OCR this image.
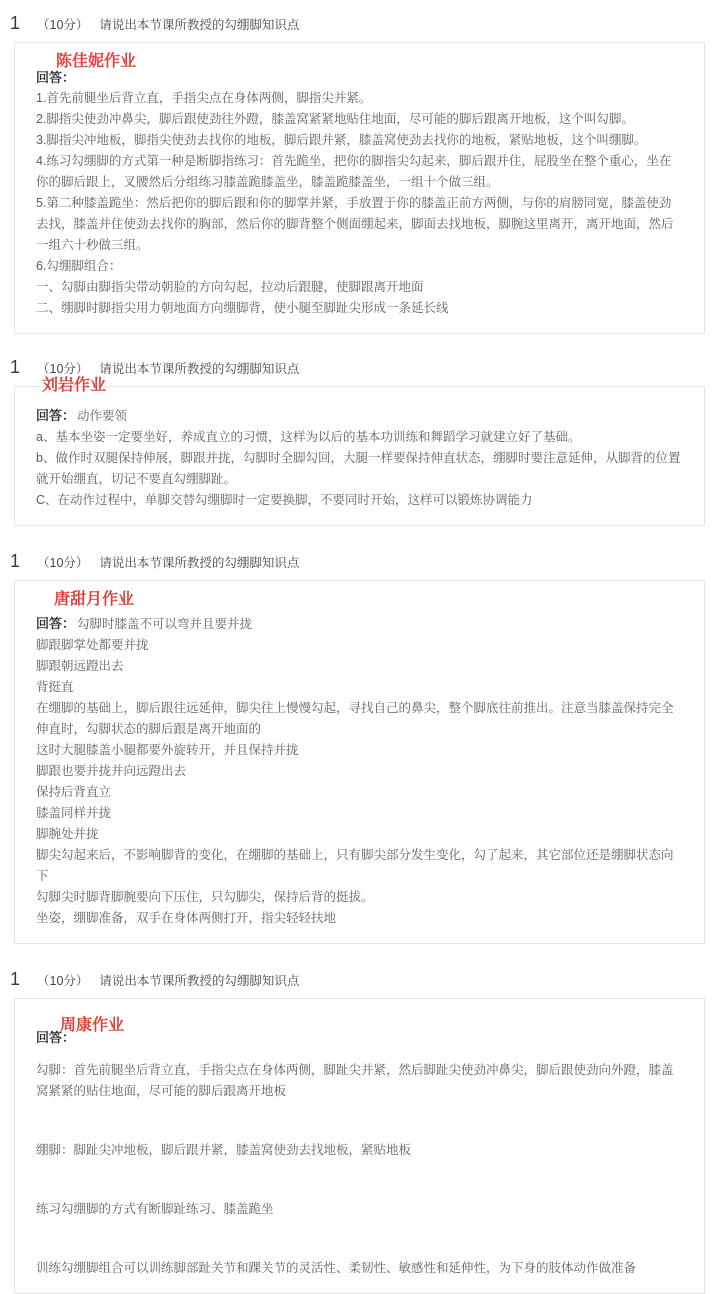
1 （10分） 请说出本节课所教授的勾绷脚知识点
陈佳妮作业
回答：
1.首先前腿坐后背立直，手指尖点在身体两侧，脚指尖并紧。
2.脚指尖使劲冲鼻尖，脚后跟使劲往外蹬，膝盖窝紧紧地贴住地面，尽可能的脚后跟离开地板，这个叫勾脚。
3.脚指尖冲地板，脚指尖使劲去找你的地板，脚后跟并紧，膝盖窝使劲去找你的地板，紧贴地板，这个叫绷脚。
4.练习勾绷脚的方式第一种是断脚指练习：首先跪坐，把你的脚指尖勾起来，脚后跟并住，屁股坐在整个重心，坐在你的脚后跟上，叉腰然后分组练习膝盖跪膝盖坐，膝盖跪膝盖坐，一组十个做三组。
5.第二种膝盖跪坐：然后把你的脚后跟和你的脚掌并紧，手放置于你的膝盖正前方两侧，与你的肩膀同宽，膝盖使劲去找，膝盖并住使劲去找你的胸部，然后你的脚背整个侧面绷起来，脚面去找地板，脚腕这里离开，离开地面，然后一组六十秒做三组。
6.勾绷脚组合：
一、勾脚由脚指尖带动朝脸的方向勾起，拉动后跟腱，使脚跟离开地面
二、绷脚时脚指尖用力朝地面方向绷脚背，使小腿至脚趾尖形成一条延长线
1 （10分） 请说出本节课所教授的勾绷脚知识点
刘岩作业
回答： 动作要领
a、基本坐姿一定要坐好，养成直立的习惯，这样为以后的基本功训练和舞蹈学习就建立好了基础。
b、做作时双腿保持伸展，脚跟并拢，勾脚时全脚勾回，大腿一样要保持伸直状态，绷脚时要注意延伸，从脚背的位置就开始绷直，切记不要直勾绷脚趾。
C、在动作过程中，单脚交替勾绷脚时一定要换脚，不要同时开始，这样可以锻炼协调能力
1 （10分） 请说出本节课所教授的勾绷脚知识点
唐甜月作业
回答： 勾脚时膝盖不可以弯并且要并拢
脚跟脚掌处都要并拢
脚跟朝远蹬出去
背挺直
在绷脚的基础上，脚后跟往远延伸，脚尖往上慢慢勾起，寻找自己的鼻尖，整个脚底往前推出。注意当膝盖保持完全伸直时，勾脚状态的脚后跟是离开地面的
这时大腿膝盖小腿都要外旋转开，并且保持并拢
脚跟也要并拢并向远蹬出去
保持后背直立
膝盖同样并拢
脚腕处并拢
脚尖勾起来后，不影响脚背的变化，在绷脚的基础上，只有脚尖部分发生变化，勾了起来，其它部位还是绷脚状态向下
勾脚尖时脚背脚腕要向下压住，只勾脚尖，保持后背的挺拔。
坐姿，绷脚准备，双手在身体两侧打开，指尖轻轻扶地
1 （10分） 请说出本节课所教授的勾绷脚知识点
周康作业
回答：
勾脚：首先前腿坐后背立直，手指尖点在身体两侧，脚趾尖并紧，然后脚趾尖使劲冲鼻尖，脚后跟使劲向外蹬，膝盖窝紧紧的贴住地面，尽可能的脚后跟离开地板
绷脚：脚趾尖冲地板，脚后跟并紧，膝盖窝使劲去找地板，紧贴地板
练习勾绷脚的方式有断脚趾练习、膝盖跪坐
训练勾绷脚组合可以训练脚部趾关节和踝关节的灵活性、柔韧性、敏感性和延伸性，为下身的肢体动作做准备
